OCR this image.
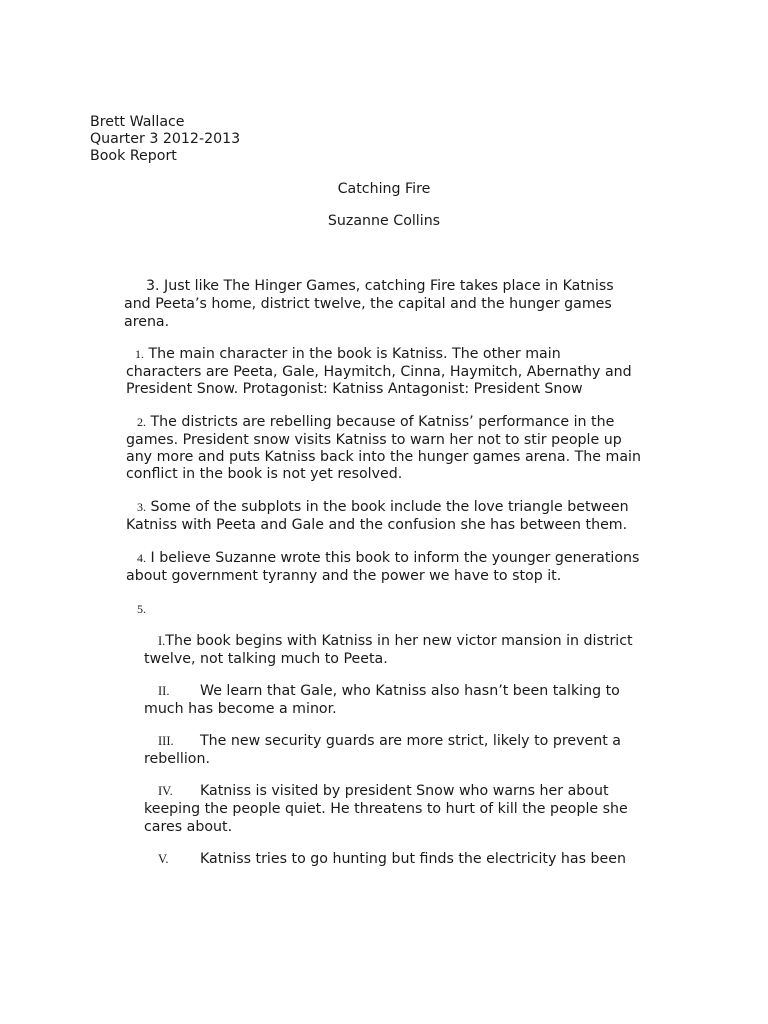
Brett Wallace
Quarter 3 2012-2013
Book Report
Catching Fire
Suzanne Collins
3. Just like The Hinger Games, catching Fire takes place in Katniss
and Peeta’s home, district twelve, the capital and the hunger games
arena.
1. The main character in the book is Katniss. The other main
characters are Peeta, Gale, Haymitch, Cinna, Haymitch, Abernathy and
President Snow. Protagonist: Katniss Antagonist: President Snow
2. The districts are rebelling because of Katniss’ performance in the
games. President snow visits Katniss to warn her not to stir people up
any more and puts Katniss back into the hunger games arena. The main
conflict in the book is not yet resolved.
3. Some of the subplots in the book include the love triangle between
Katniss with Peeta and Gale and the confusion she has between them.
4. I believe Suzanne wrote this book to inform the younger generations
about government tyranny and the power we have to stop it.
5.
I.The book begins with Katniss in her new victor mansion in district
twelve, not talking much to Peeta.
II. We learn that Gale, who Katniss also hasn’t been talking to
much has become a minor.
III. The new security guards are more strict, likely to prevent a
rebellion.
IV. Katniss is visited by president Snow who warns her about
keeping the people quiet. He threatens to hurt of kill the people she
cares about.
V. Katniss tries to go hunting but finds the electricity has been
